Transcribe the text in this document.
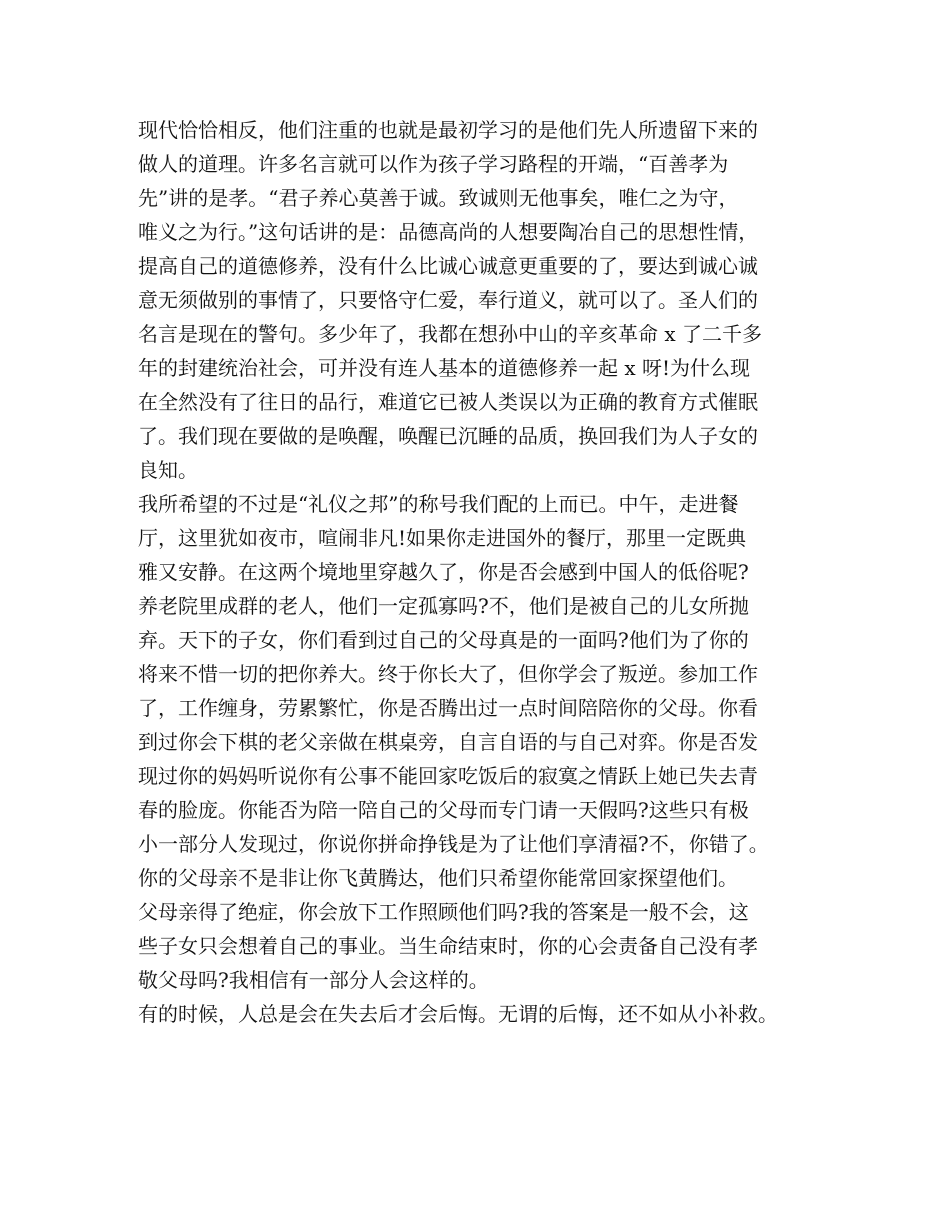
现代恰恰相反，他们注重的也就是最初学习的是他们先人所遗留下来的
做人的道理。许多名言就可以作为孩子学习路程的开端，“百善孝为
先”讲的是孝。“君子养心莫善于诚。致诚则无他事矣，唯仁之为守，
唯义之为行。”这句话讲的是：品德高尚的人想要陶冶自己的思想性情，
提高自己的道德修养，没有什么比诚心诚意更重要的了，要达到诚心诚
意无须做别的事情了，只要恪守仁爱，奉行道义，就可以了。圣人们的
名言是现在的警句。多少年了，我都在想孙中山的辛亥革命 x 了二千多
年的封建统治社会，可并没有连人基本的道德修养一起 x 呀!为什么现
在全然没有了往日的品行，难道它已被人类误以为正确的教育方式催眠
了。我们现在要做的是唤醒，唤醒已沉睡的品质，换回我们为人子女的
良知。
我所希望的不过是“礼仪之邦”的称号我们配的上而已。中午，走进餐
厅，这里犹如夜市，喧闹非凡!如果你走进国外的餐厅，那里一定既典
雅又安静。在这两个境地里穿越久了，你是否会感到中国人的低俗呢?
养老院里成群的老人，他们一定孤寡吗?不，他们是被自己的儿女所抛
弃。天下的子女，你们看到过自己的父母真是的一面吗?他们为了你的
将来不惜一切的把你养大。终于你长大了，但你学会了叛逆。参加工作
了，工作缠身，劳累繁忙，你是否腾出过一点时间陪陪你的父母。你看
到过你会下棋的老父亲做在棋桌旁，自言自语的与自己对弈。你是否发
现过你的妈妈听说你有公事不能回家吃饭后的寂寞之情跃上她已失去青
春的脸庞。你能否为陪一陪自己的父母而专门请一天假吗?这些只有极
小一部分人发现过，你说你拼命挣钱是为了让他们享清福?不，你错了。
你的父母亲不是非让你飞黄腾达，他们只希望你能常回家探望他们。
父母亲得了绝症，你会放下工作照顾他们吗?我的答案是一般不会，这
些子女只会想着自己的事业。当生命结束时，你的心会责备自己没有孝
敬父母吗?我相信有一部分人会这样的。
有的时候，人总是会在失去后才会后悔。无谓的后悔，还不如从小补救。
